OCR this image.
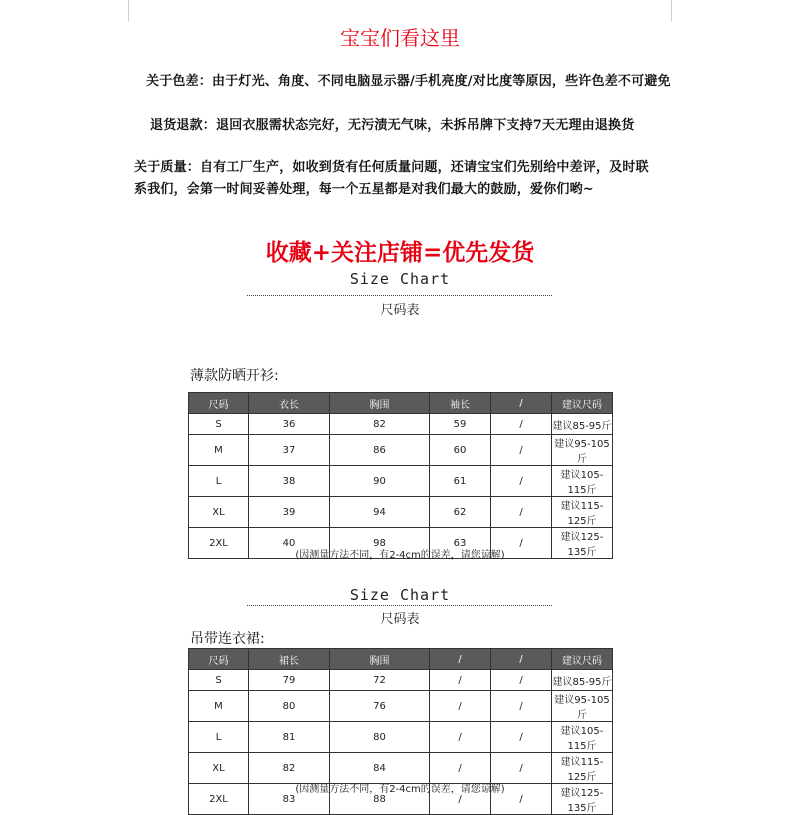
宝宝们看这里
关于色差：由于灯光、角度、不同电脑显示器/手机亮度/对比度等原因，些许色差不可避免
退货退款：退回衣服需状态完好，无污渍无气味，未拆吊牌下支持7天无理由退换货
关于质量：自有工厂生产，如收到货有任何质量问题，还请宝宝们先别给中差评，及时联
系我们，会第一时间妥善处理，每一个五星都是对我们最大的鼓励，爱你们哟~
收藏+关注店铺=优先发货
Size Chart
尺码表
薄款防晒开衫:
尺码	衣长	胸围	袖长	/	建议尺码
S	36	82	59	/	建议85-95斤
M	37	86	60	/	建议95-105斤
L	38	90	61	/	建议105-115斤
XL	39	94	62	/	建议115-125斤
2XL	40	98	63	/	建议125-135斤
(因测量方法不同，有2-4cm的误差，请您谅解)
Size Chart
尺码表
吊带连衣裙:
尺码	裙长	胸围	/	/	建议尺码
S	79	72	/	/	建议85-95斤
M	80	76	/	/	建议95-105斤
L	81	80	/	/	建议105-115斤
XL	82	84	/	/	建议115-125斤
2XL	83	88	/	/	建议125-135斤
(因测量方法不同，有2-4cm的误差，请您谅解)
